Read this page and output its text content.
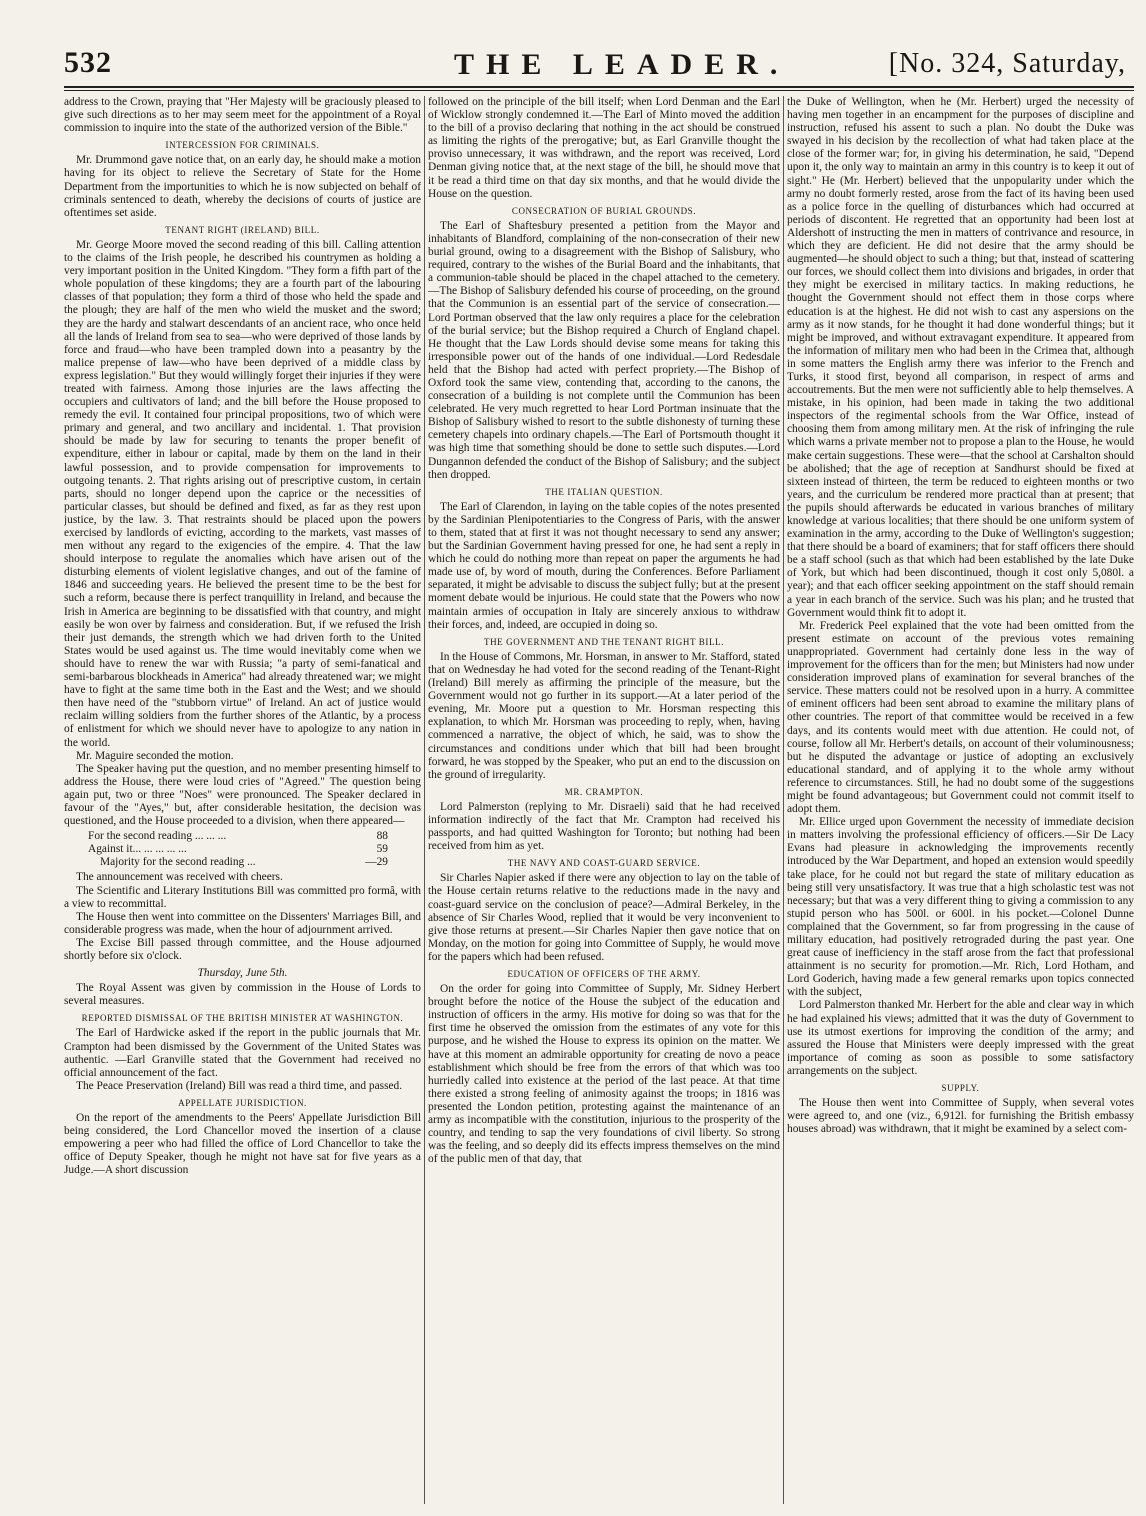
532	THE LEADER.	[No. 324, Saturday,

address to the Crown, praying that "Her Majesty will be graciously pleased to give such directions as to her may seem meet for the appointment of a Royal commission to inquire into the state of the authorized version of the Bible."

INTERCESSION FOR CRIMINALS.

Mr. Drummond gave notice that, on an early day, he should make a motion having for its object to relieve the Secretary of State for the Home Department from the importunities to which he is now subjected on behalf of criminals sentenced to death, whereby the decisions of courts of justice are oftentimes set aside.

TENANT RIGHT (IRELAND) BILL.

Mr. George Moore moved the second reading of this bill. Calling attention to the claims of the Irish people, he described his countrymen as holding a very important position in the United Kingdom. "They form a fifth part of the whole population of these kingdoms; they are a fourth part of the labouring classes of that population; they form a third of those who held the spade and the plough; they are half of the men who wield the musket and the sword; they are the hardy and stalwart descendants of an ancient race, who once held all the lands of Ireland from sea to sea—who were deprived of those lands by force and fraud—who have been trampled down into a peasantry by the malice prepense of law—who have been deprived of a middle class by express legislation." But they would willingly forget their injuries if they were treated with fairness. Among those injuries are the laws affecting the occupiers and cultivators of land; and the bill before the House proposed to remedy the evil. It contained four principal propositions, two of which were primary and general, and two ancillary and incidental. 1. That provision should be made by law for securing to tenants the proper benefit of expenditure, either in labour or capital, made by them on the land in their lawful possession, and to provide compensation for improvements to outgoing tenants. 2. That rights arising out of prescriptive custom, in certain parts, should no longer depend upon the caprice or the necessities of particular classes, but should be defined and fixed, as far as they rest upon justice, by the law. 3. That restraints should be placed upon the powers exercised by landlords of evicting, according to the markets, vast masses of men without any regard to the exigencies of the empire. 4. That the law should interpose to regulate the anomalies which have arisen out of the disturbing elements of violent legislative changes, and out of the famine of 1846 and succeeding years. He believed the present time to be the best for such a reform, because there is perfect tranquillity in Ireland, and because the Irish in America are beginning to be dissatisfied with that country, and might easily be won over by fairness and consideration. But, if we refused the Irish their just demands, the strength which we had driven forth to the United States would be used against us. The time would inevitably come when we should have to renew the war with Russia; "a party of semi-fanatical and semi-barbarous blockheads in America" had already threatened war; we might have to fight at the same time both in the East and the West; and we should then have need of the "stubborn virtue" of Ireland. An act of justice would reclaim willing soldiers from the further shores of the Atlantic, by a process of enlistment for which we should never have to apologize to any nation in the world.

Mr. Maguire seconded the motion.

The Speaker having put the question, and no member presenting himself to address the House, there were loud cries of "Agreed." The question being again put, two or three "Noes" were pronounced. The Speaker declared in favour of the "Ayes," but, after considerable hesitation, the decision was questioned, and the House proceeded to a division, when there appeared—

For the second reading ... ... ...	88
Against it... ... ... ... ...	59
Majority for the second reading ...	—29

The announcement was received with cheers.

The Scientific and Literary Institutions Bill was committed pro formâ, with a view to recommittal.

The House then went into committee on the Dissenters' Marriages Bill, and considerable progress was made, when the hour of adjournment arrived.

The Excise Bill passed through committee, and the House adjourned shortly before six o'clock.

Thursday, June 5th.

The Royal Assent was given by commission in the House of Lords to several measures.

REPORTED DISMISSAL OF THE BRITISH MINISTER AT WASHINGTON.

The Earl of Hardwicke asked if the report in the public journals that Mr. Crampton had been dismissed by the Government of the United States was authentic. —Earl Granville stated that the Government had received no official announcement of the fact.

The Peace Preservation (Ireland) Bill was read a third time, and passed.

APPELLATE JURISDICTION.

On the report of the amendments to the Peers' Appellate Jurisdiction Bill being considered, the Lord Chancellor moved the insertion of a clause empowering a peer who had filled the office of Lord Chancellor to take the office of Deputy Speaker, though he might not have sat for five years as a Judge.—A short discussion

followed on the principle of the bill itself; when Lord Denman and the Earl of Wicklow strongly condemned it.—The Earl of Minto moved the addition to the bill of a proviso declaring that nothing in the act should be construed as limiting the rights of the prerogative; but, as Earl Granville thought the proviso unnecessary, it was withdrawn, and the report was received, Lord Denman giving notice that, at the next stage of the bill, he should move that it be read a third time on that day six months, and that he would divide the House on the question.

CONSECRATION OF BURIAL GROUNDS.

The Earl of Shaftesbury presented a petition from the Mayor and inhabitants of Blandford, complaining of the non-consecration of their new burial ground, owing to a disagreement with the Bishop of Salisbury, who required, contrary to the wishes of the Burial Board and the inhabitants, that a communion-table should be placed in the chapel attached to the cemetery.—The Bishop of Salisbury defended his course of proceeding, on the ground that the Communion is an essential part of the service of consecration.—Lord Portman observed that the law only requires a place for the celebration of the burial service; but the Bishop required a Church of England chapel. He thought that the Law Lords should devise some means for taking this irresponsible power out of the hands of one individual.—Lord Redesdale held that the Bishop had acted with perfect propriety.—The Bishop of Oxford took the same view, contending that, according to the canons, the consecration of a building is not complete until the Communion has been celebrated. He very much regretted to hear Lord Portman insinuate that the Bishop of Salisbury wished to resort to the subtle dishonesty of turning these cemetery chapels into ordinary chapels.—The Earl of Portsmouth thought it was high time that something should be done to settle such disputes.—Lord Dungannon defended the conduct of the Bishop of Salisbury; and the subject then dropped.

THE ITALIAN QUESTION.

The Earl of Clarendon, in laying on the table copies of the notes presented by the Sardinian Plenipotentiaries to the Congress of Paris, with the answer to them, stated that at first it was not thought necessary to send any answer; but the Sardinian Government having pressed for one, he had sent a reply in which he could do nothing more than repeat on paper the arguments he had made use of, by word of mouth, during the Conferences. Before Parliament separated, it might be advisable to discuss the subject fully; but at the present moment debate would be injurious. He could state that the Powers who now maintain armies of occupation in Italy are sincerely anxious to withdraw their forces, and, indeed, are occupied in doing so.

THE GOVERNMENT AND THE TENANT RIGHT BILL.

In the House of Commons, Mr. Horsman, in answer to Mr. Stafford, stated that on Wednesday he had voted for the second reading of the Tenant-Right (Ireland) Bill merely as affirming the principle of the measure, but the Government would not go further in its support.—At a later period of the evening, Mr. Moore put a question to Mr. Horsman respecting this explanation, to which Mr. Horsman was proceeding to reply, when, having commenced a narrative, the object of which, he said, was to show the circumstances and conditions under which that bill had been brought forward, he was stopped by the Speaker, who put an end to the discussion on the ground of irregularity.

MR. CRAMPTON.

Lord Palmerston (replying to Mr. Disraeli) said that he had received information indirectly of the fact that Mr. Crampton had received his passports, and had quitted Washington for Toronto; but nothing had been received from him as yet.

THE NAVY AND COAST-GUARD SERVICE.

Sir Charles Napier asked if there were any objection to lay on the table of the House certain returns relative to the reductions made in the navy and coast-guard service on the conclusion of peace?—Admiral Berkeley, in the absence of Sir Charles Wood, replied that it would be very inconvenient to give those returns at present.—Sir Charles Napier then gave notice that on Monday, on the motion for going into Committee of Supply, he would move for the papers which had been refused.

EDUCATION OF OFFICERS OF THE ARMY.

On the order for going into Committee of Supply, Mr. Sidney Herbert brought before the notice of the House the subject of the education and instruction of officers in the army. His motive for doing so was that for the first time he observed the omission from the estimates of any vote for this purpose, and he wished the House to express its opinion on the matter. We have at this moment an admirable opportunity for creating de novo a peace establishment which should be free from the errors of that which was too hurriedly called into existence at the period of the last peace. At that time there existed a strong feeling of animosity against the troops; in 1816 was presented the London petition, protesting against the maintenance of an army as incompatible with the constitution, injurious to the prosperity of the country, and tending to sap the very foundations of civil liberty. So strong was the feeling, and so deeply did its effects impress themselves on the mind of the public men of that day, that

the Duke of Wellington, when he (Mr. Herbert) urged the necessity of having men together in an encampment for the purposes of discipline and instruction, refused his assent to such a plan. No doubt the Duke was swayed in his decision by the recollection of what had taken place at the close of the former war; for, in giving his determination, he said, "Depend upon it, the only way to maintain an army in this country is to keep it out of sight." He (Mr. Herbert) believed that the unpopularity under which the army no doubt formerly rested, arose from the fact of its having been used as a police force in the quelling of disturbances which had occurred at periods of discontent. He regretted that an opportunity had been lost at Aldershott of instructing the men in matters of contrivance and resource, in which they are deficient. He did not desire that the army should be augmented—he should object to such a thing; but that, instead of scattering our forces, we should collect them into divisions and brigades, in order that they might be exercised in military tactics. In making reductions, he thought the Government should not effect them in those corps where education is at the highest. He did not wish to cast any aspersions on the army as it now stands, for he thought it had done wonderful things; but it might be improved, and without extravagant expenditure. It appeared from the information of military men who had been in the Crimea that, although in some matters the English army there was inferior to the French and Turks, it stood first, beyond all comparison, in respect of arms and accoutrements. But the men were not sufficiently able to help themselves. A mistake, in his opinion, had been made in taking the two additional inspectors of the regimental schools from the War Office, instead of choosing them from among military men. At the risk of infringing the rule which warns a private member not to propose a plan to the House, he would make certain suggestions. These were—that the school at Carshalton should be abolished; that the age of reception at Sandhurst should be fixed at sixteen instead of thirteen, the term be reduced to eighteen months or two years, and the curriculum be rendered more practical than at present; that the pupils should afterwards be educated in various branches of military knowledge at various localities; that there should be one uniform system of examination in the army, according to the Duke of Wellington's suggestion; that there should be a board of examiners; that for staff officers there should be a staff school (such as that which had been established by the late Duke of York, but which had been discontinued, though it cost only 5,080l. a year); and that each officer seeking appointment on the staff should remain a year in each branch of the service. Such was his plan; and he trusted that Government would think fit to adopt it.

Mr. Frederick Peel explained that the vote had been omitted from the present estimate on account of the previous votes remaining unappropriated. Government had certainly done less in the way of improvement for the officers than for the men; but Ministers had now under consideration improved plans of examination for several branches of the service. These matters could not be resolved upon in a hurry. A committee of eminent officers had been sent abroad to examine the military plans of other countries. The report of that committee would be received in a few days, and its contents would meet with due attention. He could not, of course, follow all Mr. Herbert's details, on account of their voluminousness; but he disputed the advantage or justice of adopting an exclusively educational standard, and of applying it to the whole army without reference to circumstances. Still, he had no doubt some of the suggestions might be found advantageous; but Government could not commit itself to adopt them.

Mr. Ellice urged upon Government the necessity of immediate decision in matters involving the professional efficiency of officers.—Sir De Lacy Evans had pleasure in acknowledging the improvements recently introduced by the War Department, and hoped an extension would speedily take place, for he could not but regard the state of military education as being still very unsatisfactory. It was true that a high scholastic test was not necessary; but that was a very different thing to giving a commission to any stupid person who has 500l. or 600l. in his pocket.—Colonel Dunne complained that the Government, so far from progressing in the cause of military education, had positively retrograded during the past year. One great cause of inefficiency in the staff arose from the fact that professional attainment is no security for promotion.—Mr. Rich, Lord Hotham, and Lord Goderich, having made a few general remarks upon topics connected with the subject,

Lord Palmerston thanked Mr. Herbert for the able and clear way in which he had explained his views; admitted that it was the duty of Government to use its utmost exertions for improving the condition of the army; and assured the House that Ministers were deeply impressed with the great importance of coming as soon as possible to some satisfactory arrangements on the subject.

SUPPLY.

The House then went into Committee of Supply, when several votes were agreed to, and one (viz., 6,912l. for furnishing the British embassy houses abroad) was withdrawn, that it might be examined by a select com-
